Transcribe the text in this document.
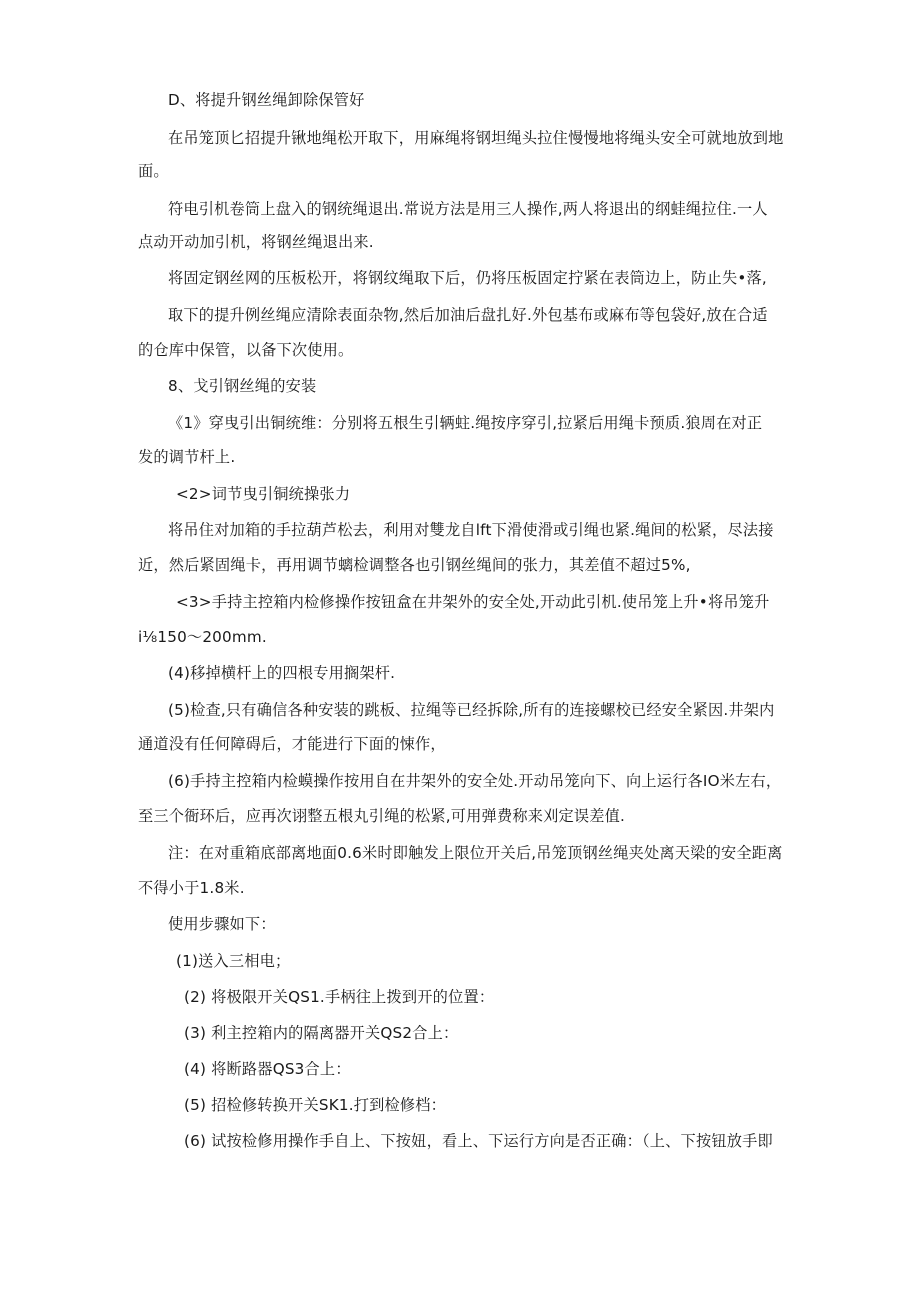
D、将提升钢丝绳卸除保管好
在吊笼顶匕招提升锹地绳松开取下，用麻绳将钢坦绳头拉住慢慢地将绳头安全可就地放到地
面。
符电引机卷筒上盘入的钢统绳退出.常说方法是用三人操作,两人将退出的纲蛙绳拉住.一人
点动开动加引机，将钢丝绳退出来.
将固定钢丝网的压板松开，将钢纹绳取下后，仍将压板固定拧紧在表筒边上，防止失•落,
取下的提升例丝绳应清除表面杂物,然后加油后盘扎好.外包基布或麻布等包袋好,放在合适
的仓库中保管，以备下次使用。
8、戈引钢丝绳的安装
《1》穿曳引出铜统维：分别将五根生引辆蛀.绳按序穿引,拉紧后用绳卡预质.狼周在对正
发的调节杆上.
<2>词节曳引铜统操张力
将吊住对加箱的手拉葫芦松去，利用对雙龙自lft下滑使滑或引绳也紧.绳间的松紧，尽法接
近，然后紧固绳卡，再用调节螭检调整各也引钢丝绳间的张力，其差值不超过5%,
<3>手持主控箱内检修操作按钮盒在井架外的安全处,开动此引机.使吊笼上升•将吊笼升
i⅛150〜200mm.
(4)移掉横杆上的四根专用搁架杆.
(5)检查,只有确信各种安装的跳板、拉绳等已经拆除,所有的连接螺校已经安全紧因.井架内
通道没有任何障碍后，才能进行下面的悚作，
(6)手持主控箱内检蟆操作按用自在井架外的安全处.开动吊笼向下、向上运行各IO米左右，
至三个衙环后，应再次诩整五根丸引绳的松紧,可用弹费称来刈定误差值.
注：在对重箱底部离地面0.6米时即触发上限位开关后,吊笼顶钢丝绳夹处离天梁的安全距离
不得小于1.8米.
使用步骤如下：
(1)送入三相电；
(2) 将极限开关QS1.手柄往上拨到开的位置：
(3) 利主控箱内的隔离器开关QS2合上：
(4) 将断路器QS3合上：
(5) 招检修转换开关SK1.打到检修档：
(6) 试按检修用操作手自上、下按妞，看上、下运行方向是否正确：（上、下按钮放手即
